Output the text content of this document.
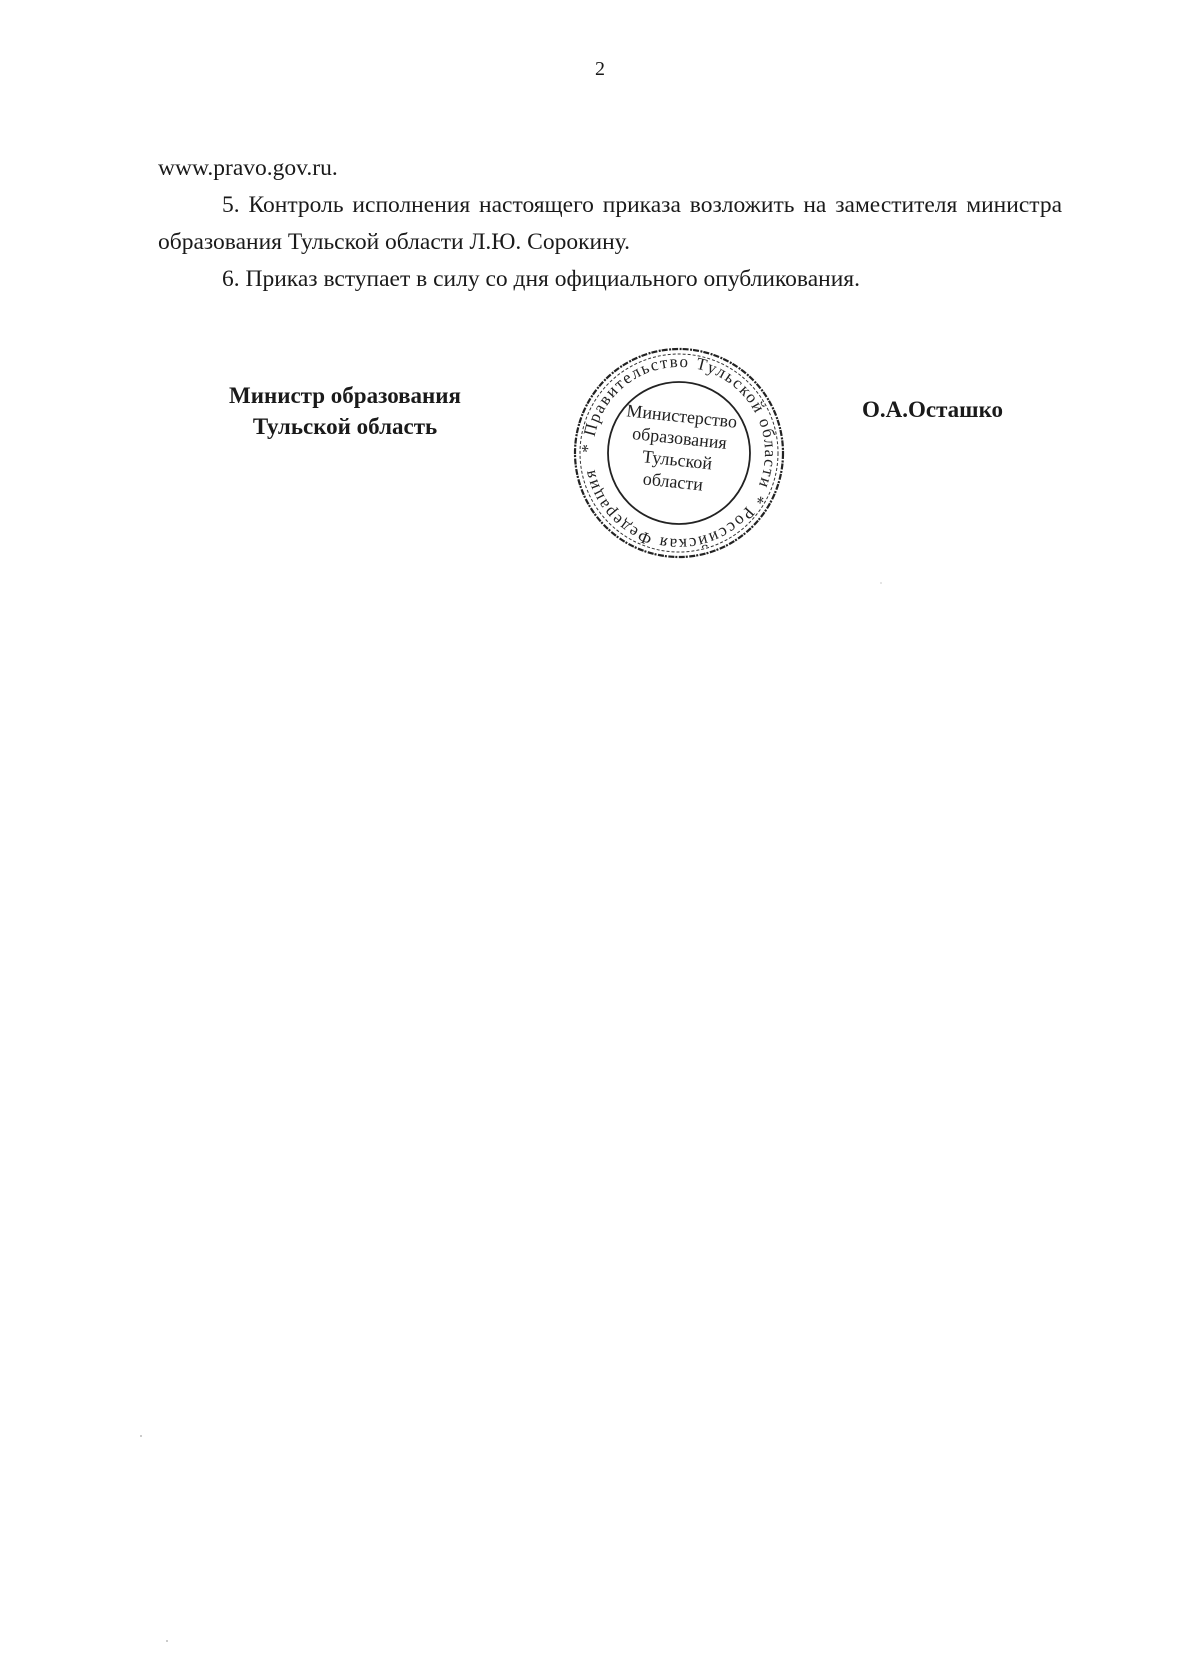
2

www.pravo.gov.ru.

5. Контроль исполнения настоящего приказа возложить на заместителя министра образования Тульской области Л.Ю. Сорокину.

6. Приказ вступает в силу со дня официального опубликования.

Министр образования
Тульской область
* Правительство Тульской области * Российская Федерация
Министерство
образования
Тульской
области
О.А.Осташко
